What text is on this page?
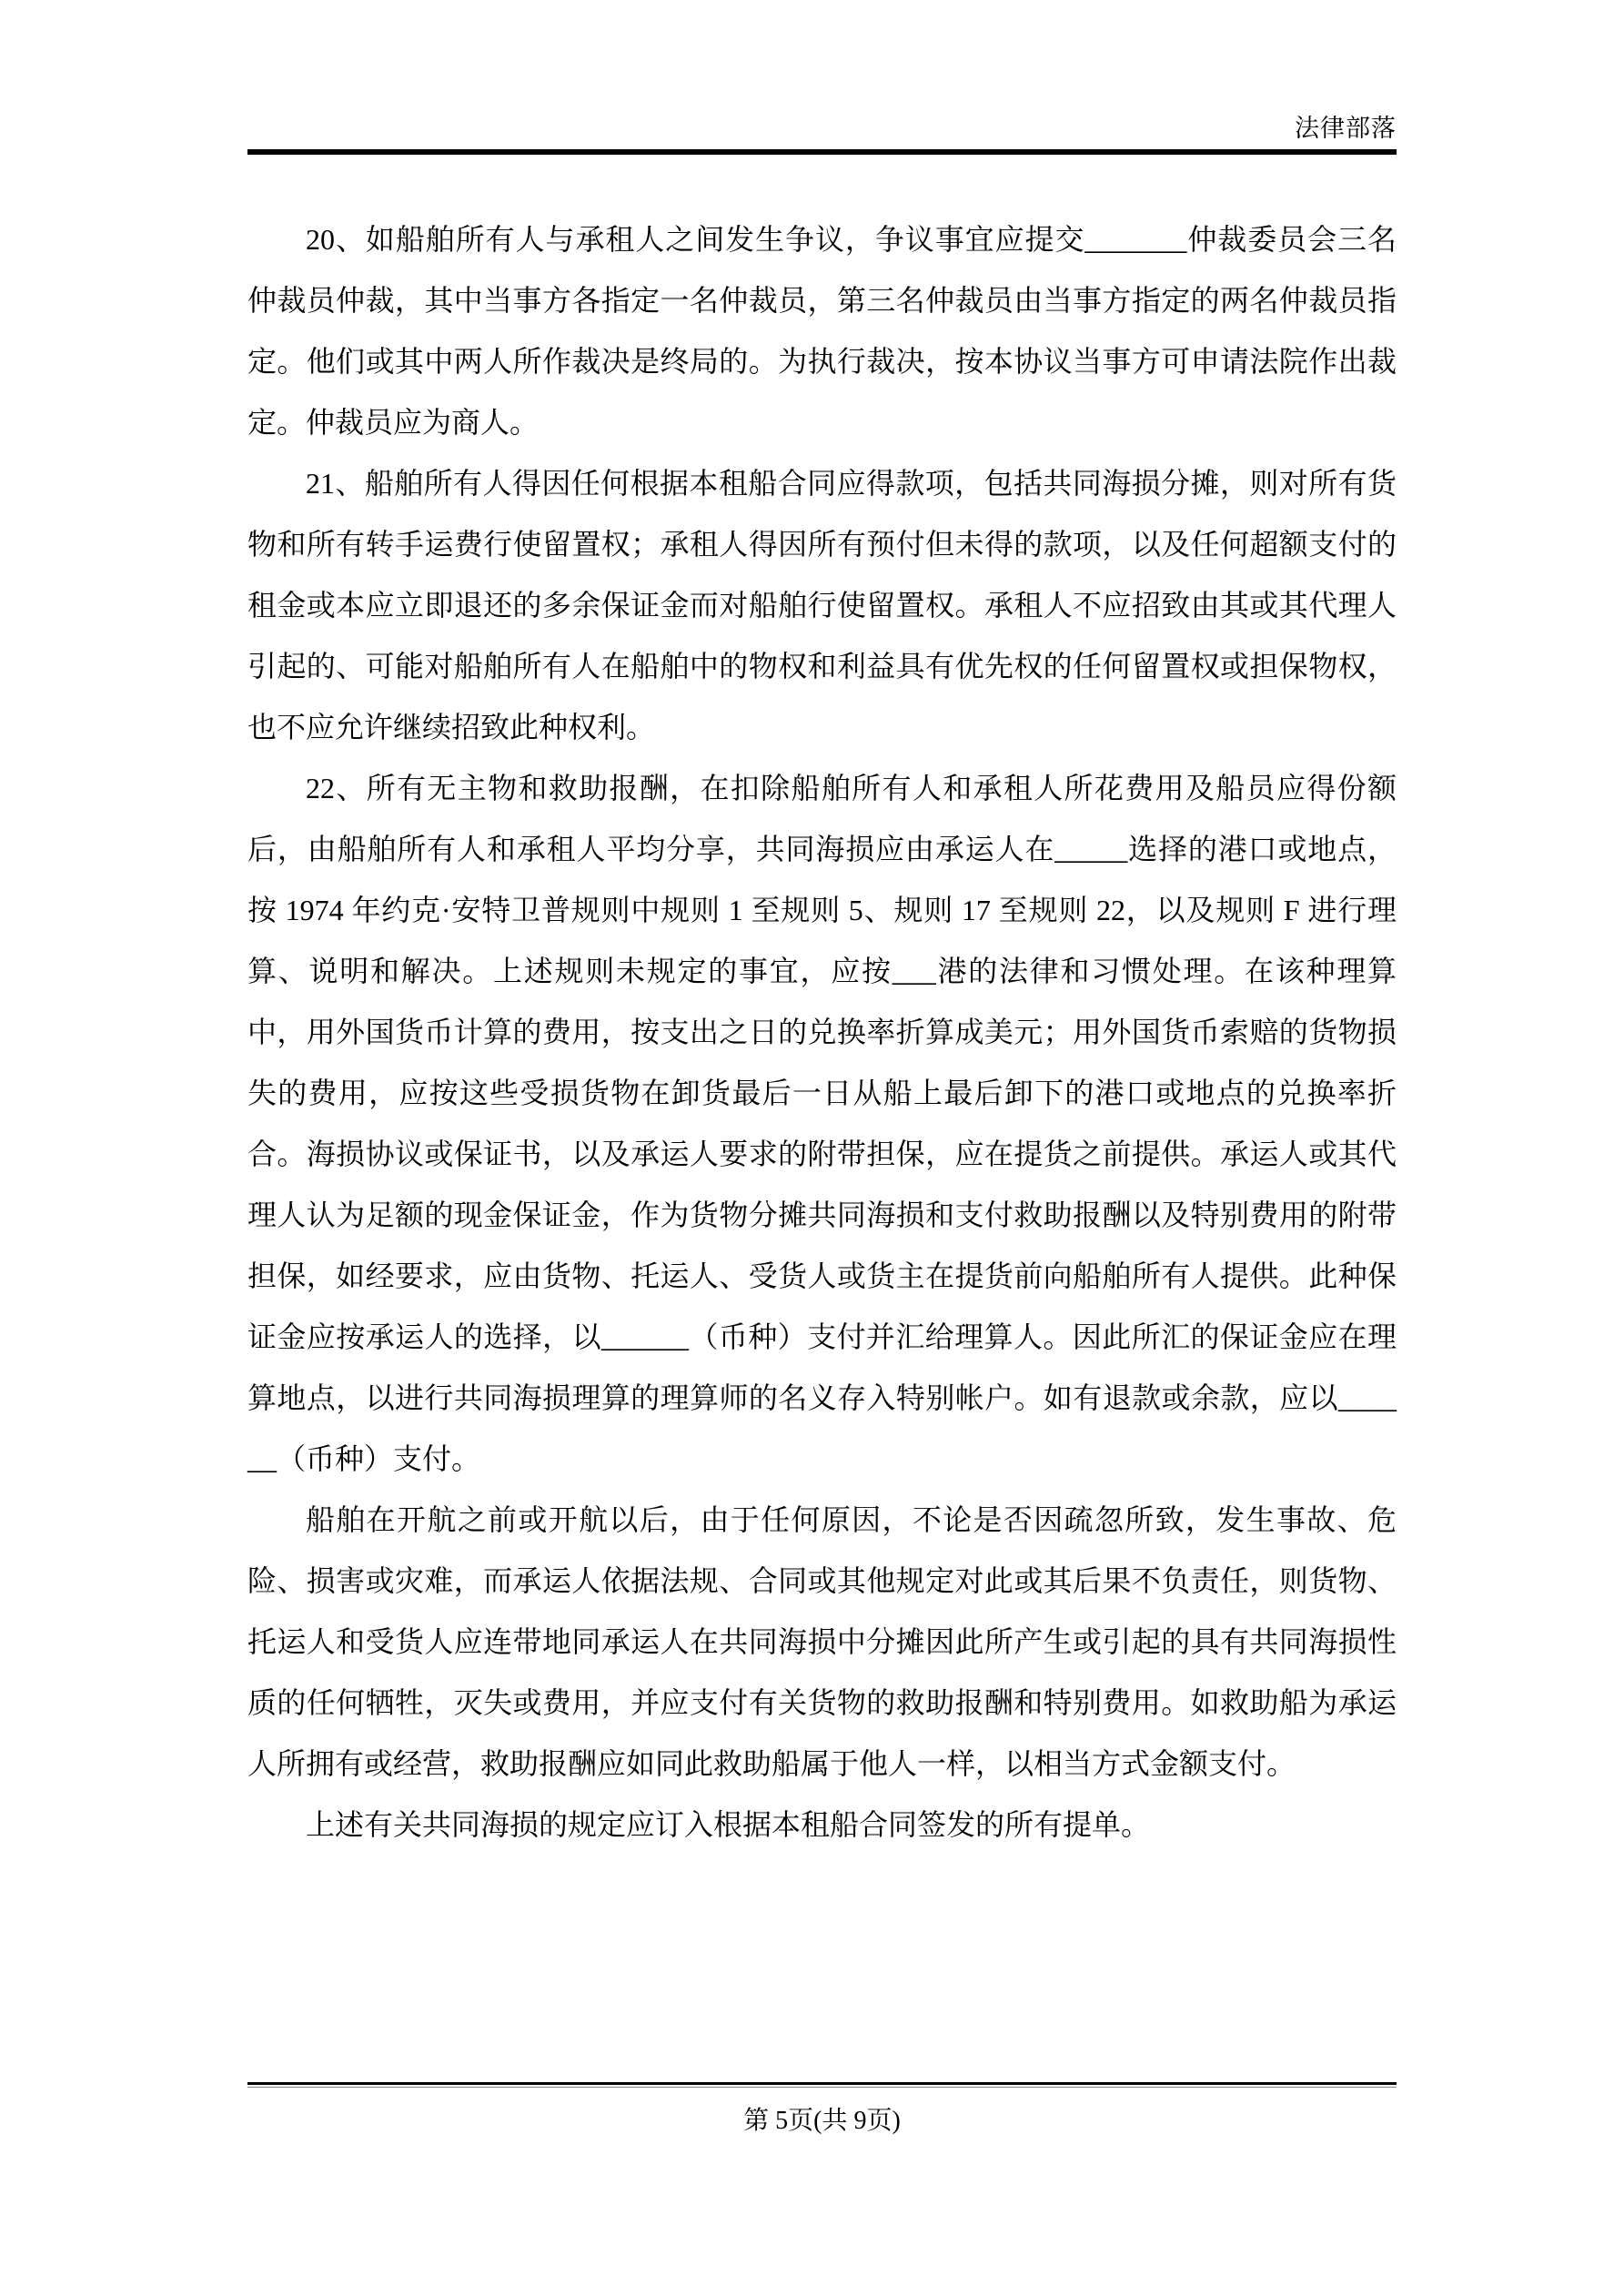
法律部落

20、如船舶所有人与承租人之间发生争议，争议事宜应提交_______仲裁委员会三名仲裁员仲裁，其中当事方各指定一名仲裁员，第三名仲裁员由当事方指定的两名仲裁员指定。他们或其中两人所作裁决是终局的。为执行裁决，按本协议当事方可申请法院作出裁定。仲裁员应为商人。

21、船舶所有人得因任何根据本租船合同应得款项，包括共同海损分摊，则对所有货物和所有转手运费行使留置权；承租人得因所有预付但未得的款项，以及任何超额支付的租金或本应立即退还的多余保证金而对船舶行使留置权。承租人不应招致由其或其代理人引起的、可能对船舶所有人在船舶中的物权和利益具有优先权的任何留置权或担保物权，也不应允许继续招致此种权利。

22、所有无主物和救助报酬，在扣除船舶所有人和承租人所花费用及船员应得份额后，由船舶所有人和承租人平均分享，共同海损应由承运人在_____选择的港口或地点，按 1974 年约克·安特卫普规则中规则 1 至规则 5、规则 17 至规则 22，以及规则 F 进行理算、说明和解决。上述规则未规定的事宜，应按___港的法律和习惯处理。在该种理算中，用外国货币计算的费用，按支出之日的兑换率折算成美元；用外国货币索赔的货物损失的费用，应按这些受损货物在卸货最后一日从船上最后卸下的港口或地点的兑换率折合。海损协议或保证书，以及承运人要求的附带担保，应在提货之前提供。承运人或其代理人认为足额的现金保证金，作为货物分摊共同海损和支付救助报酬以及特别费用的附带担保，如经要求，应由货物、托运人、受货人或货主在提货前向船舶所有人提供。此种保证金应按承运人的选择，以______（币种）支付并汇给理算人。因此所汇的保证金应在理算地点，以进行共同海损理算的理算师的名义存入特别帐户。如有退款或余款，应以______（币种）支付。

船舶在开航之前或开航以后，由于任何原因，不论是否因疏忽所致，发生事故、危险、损害或灾难，而承运人依据法规、合同或其他规定对此或其后果不负责任，则货物、托运人和受货人应连带地同承运人在共同海损中分摊因此所产生或引起的具有共同海损性质的任何牺牲，灭失或费用，并应支付有关货物的救助报酬和特别费用。如救助船为承运人所拥有或经营，救助报酬应如同此救助船属于他人一样，以相当方式金额支付。

上述有关共同海损的规定应订入根据本租船合同签发的所有提单。

第 5页(共 9页)
